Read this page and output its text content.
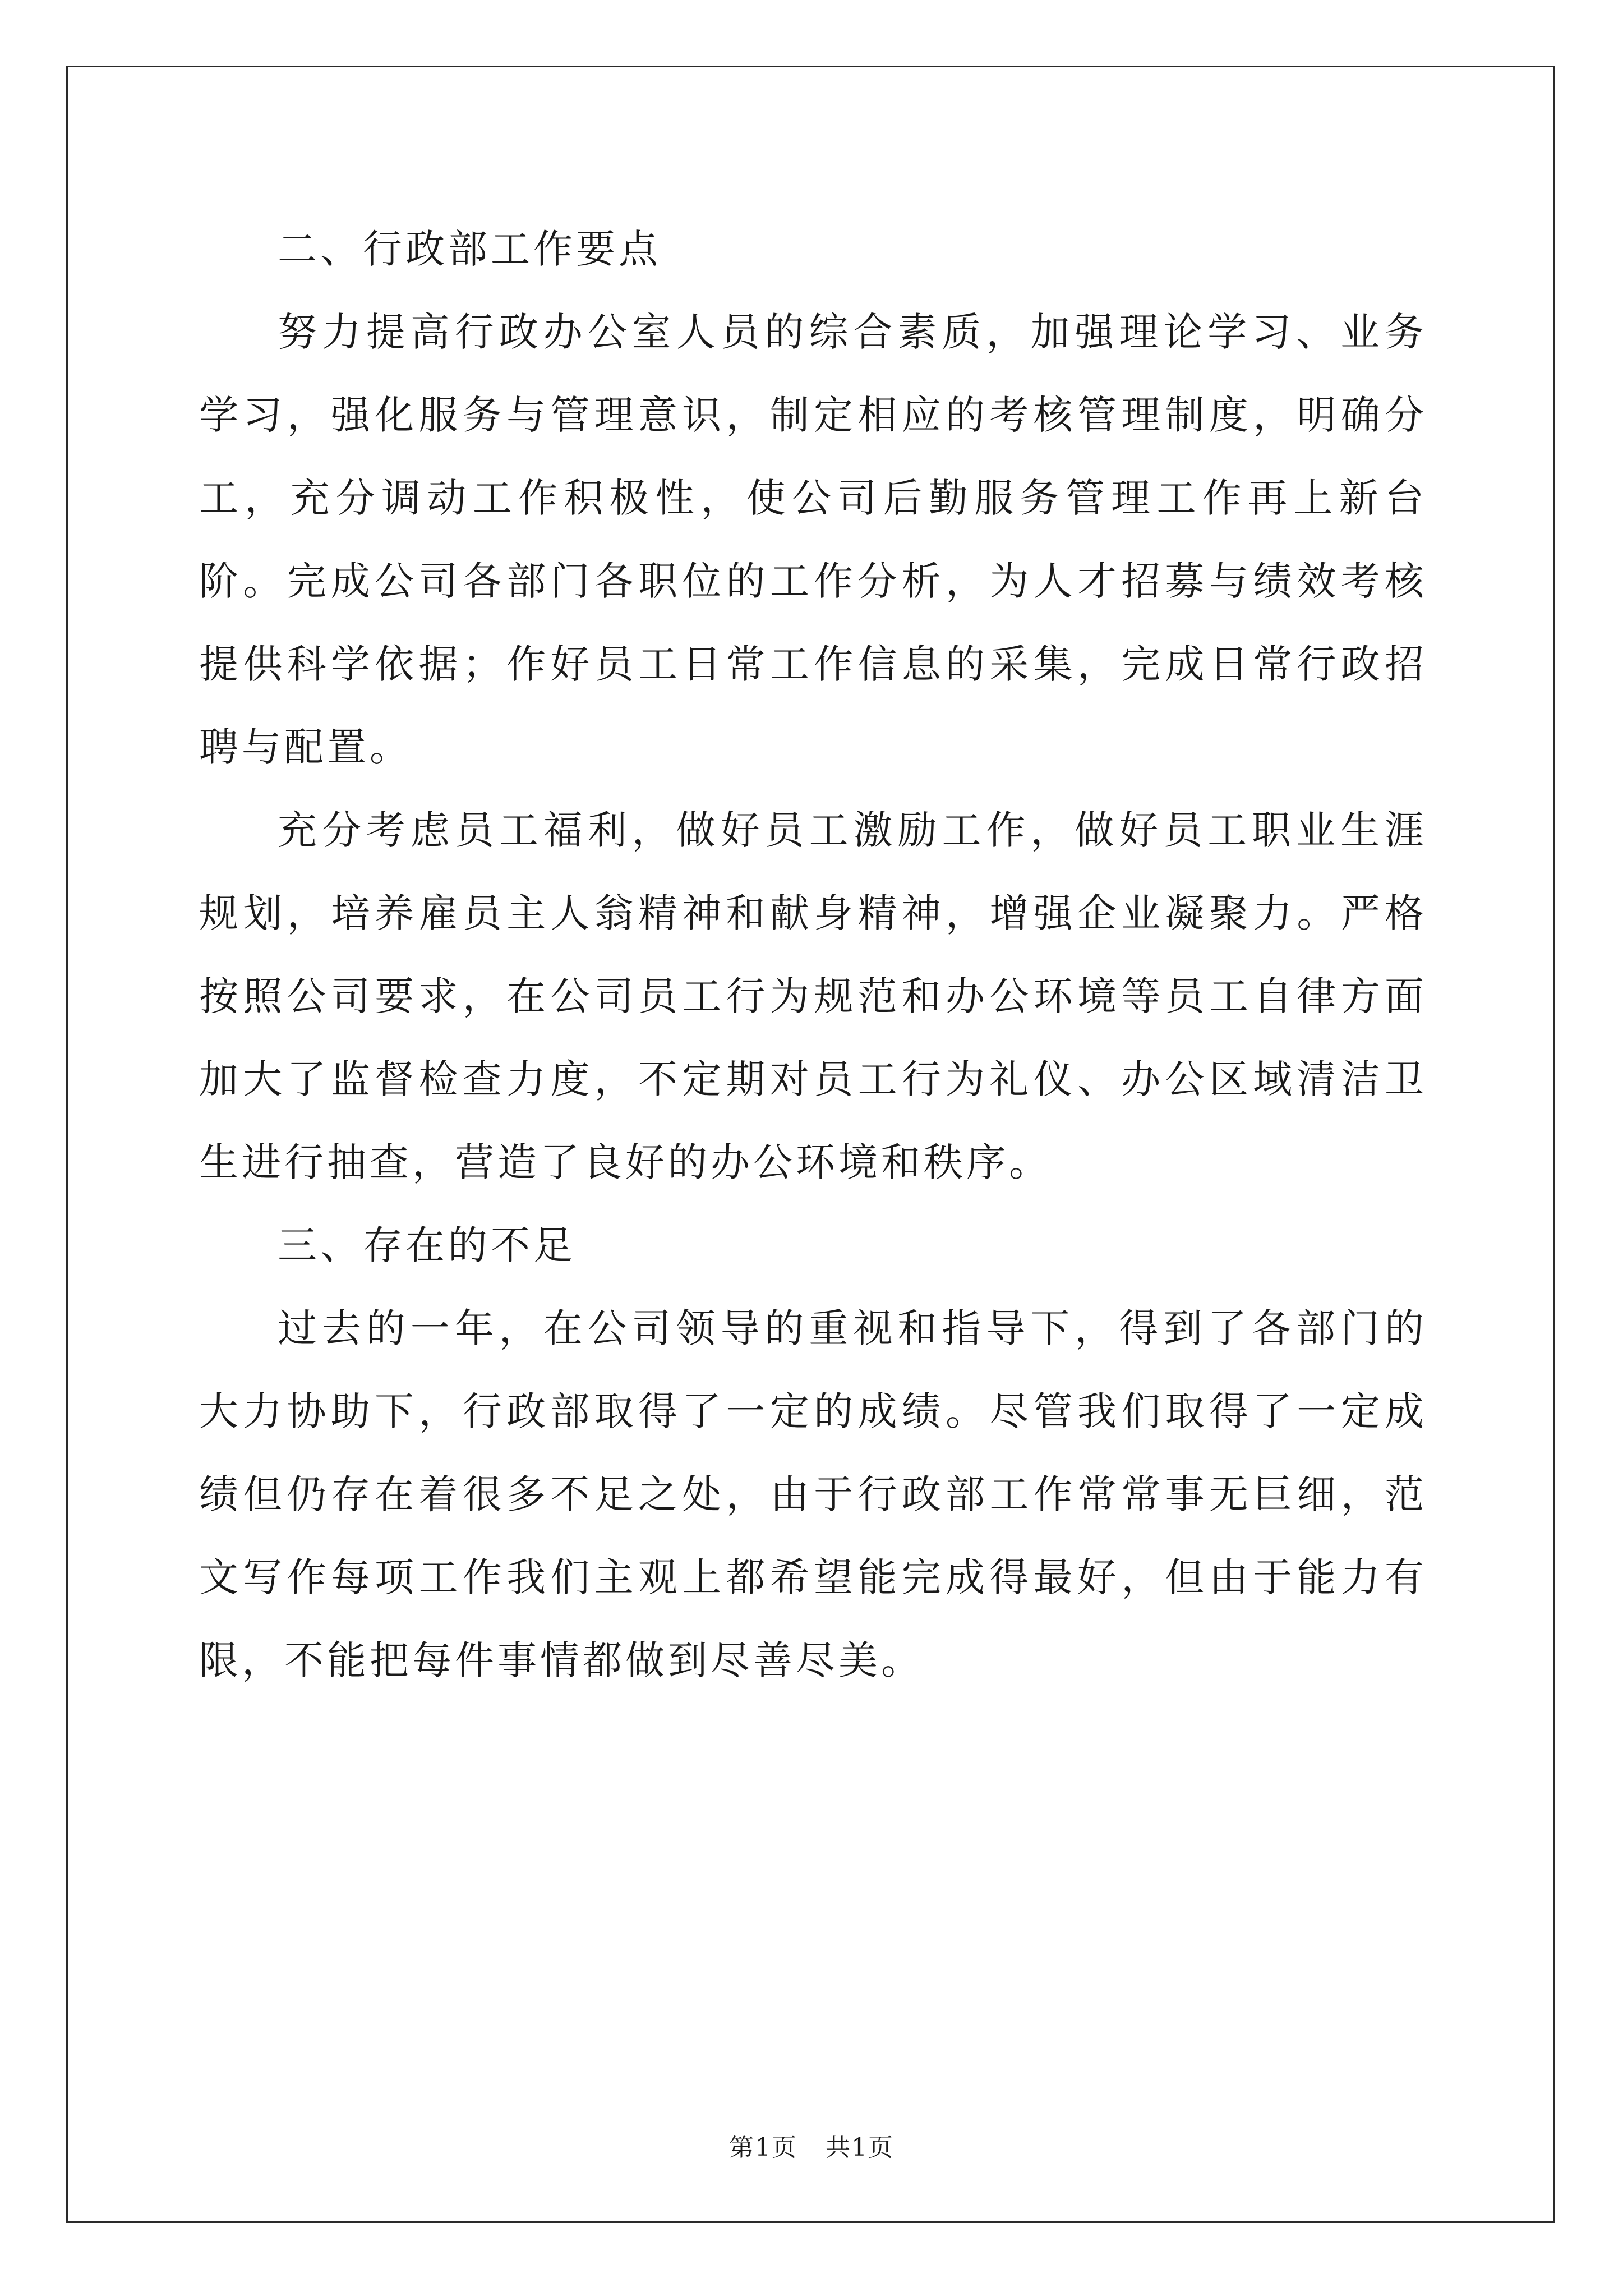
二、行政部工作要点

努力提高行政办公室人员的综合素质，加强理论学习、业务学习，强化服务与管理意识，制定相应的考核管理制度，明确分工，充分调动工作积极性，使公司后勤服务管理工作再上新台阶。完成公司各部门各职位的工作分析，为人才招募与绩效考核提供科学依据；作好员工日常工作信息的采集，完成日常行政招聘与配置。

充分考虑员工福利，做好员工激励工作，做好员工职业生涯规划，培养雇员主人翁精神和献身精神，增强企业凝聚力。严格按照公司要求，在公司员工行为规范和办公环境等员工自律方面加大了监督检查力度，不定期对员工行为礼仪、办公区域清洁卫生进行抽查，营造了良好的办公环境和秩序。

三、存在的不足

过去的一年，在公司领导的重视和指导下，得到了各部门的大力协助下，行政部取得了一定的成绩。尽管我们取得了一定成绩但仍存在着很多不足之处，由于行政部工作常常事无巨细，范文写作每项工作我们主观上都希望能完成得最好，但由于能力有限，不能把每件事情都做到尽善尽美。

第1页 共1页
